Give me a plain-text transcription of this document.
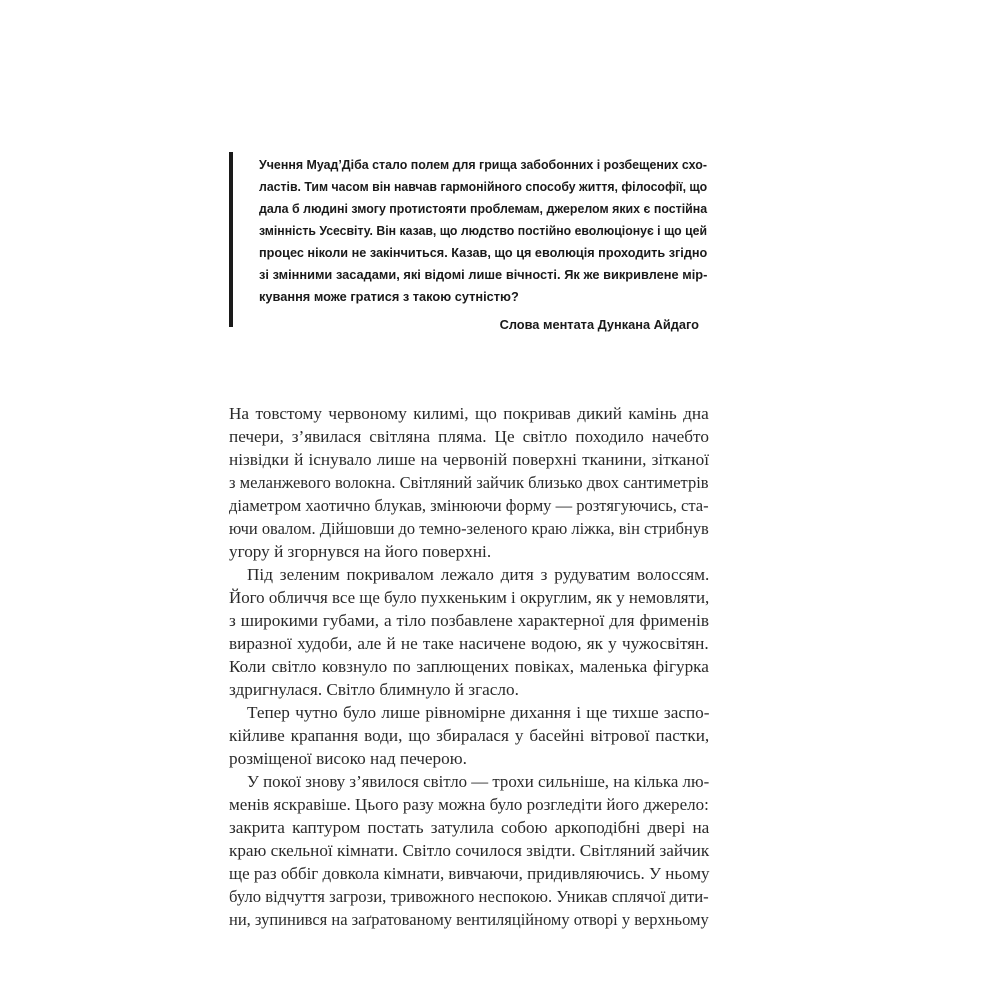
Учення Муад’Діба стало полем для грища забобонних і розбещених схо-
ластів. Тим часом він навчав гармонійного способу життя, філософії, що
дала б людині змогу протистояти проблемам, джерелом яких є постійна
змінність Усесвіту. Він казав, що людство постійно еволюціонує і що цей
процес ніколи не закінчиться. Казав, що ця еволюція проходить згідно
зі змінними засадами, які відомі лише вічності. Як же викривлене мір-
кування може гратися з такою сутністю?
Слова ментата Дункана Айдаго
На товстому червоному килимі, що покривав дикий камінь дна
печери, з’явилася світляна пляма. Це світло походило начебто
нізвідки й існувало лише на червоній поверхні тканини, зітканої
з меланжевого волокна. Світляний зайчик близько двох сантиметрів
діаметром хаотично блукав, змінюючи форму — розтягуючись, ста-
ючи овалом. Дійшовши до темно-зеленого краю ліжка, він стрибнув
угору й згорнувся на його поверхні.
Під зеленим покривалом лежало дитя з рудуватим волоссям.
Його обличчя все ще було пухкеньким і округлим, як у немовляти,
з широкими губами, а тіло позбавлене характерної для фрименів
виразної худоби, але й не таке насичене водою, як у чужосвітян.
Коли світло ковзнуло по заплющених повіках, маленька фігурка
здригнулася. Світло блимнуло й згасло.
Тепер чутно було лише рівномірне дихання і ще тихше заспо-
кійливе крапання води, що збиралася у басейні вітрової пастки,
розміщеної високо над печерою.
У покої знову з’явилося світло — трохи сильніше, на кілька лю-
менів яскравіше. Цього разу можна було розгледіти його джерело:
закрита каптуром постать затулила собою аркоподібні двері на
краю скельної кімнати. Світло сочилося звідти. Світляний зайчик
ще раз оббіг довкола кімнати, вивчаючи, придивляючись. У ньому
було відчуття загрози, тривожного неспокою. Уникав сплячої дити-
ни, зупинився на заґратованому вентиляційному отворі у верхньому
